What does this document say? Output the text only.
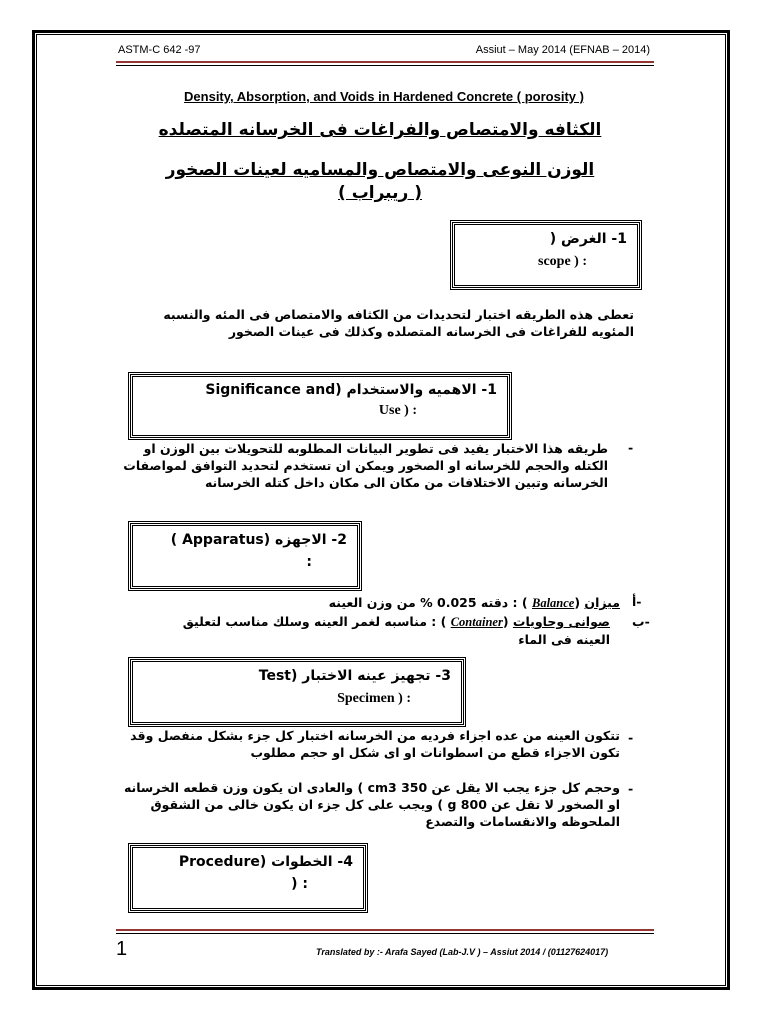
ASTM-C 642 -97	Assiut – May 2014 (EFNAB – 2014)
Density, Absorption, and Voids in Hardened Concrete ( porosity )
الكثافه والامتصاص والفراغات فى الخرسانه المتصلده
الوزن النوعى والامتصاص والمساميه لعينات الصخور
( ريبراب )
1- الغرض (
scope ) :
تعطى هذه الطريقه اختبار لتحديدات من الكثافه والامتصاص فى المئه والنسبه المئويه للفراغات فى الخرسانه المتصلده وكذلك فى عينات الصخور
1- الاهميه والاستخدام (Significance and
Use ) :
-
طريقه هذا الاختبار يفيد فى تطوير البيانات المطلوبه للتحويلات بين الوزن او الكتله والحجم للخرسانه او الصخور ويمكن ان تستخدم لتحديد التوافق لمواصفات الخرسانه وتبين الاختلافات من مكان الى مكان داخل كتله الخرسانه
2- الاجهزه (Apparatus )
:
أ-
ميزان (Balance ) : دقته 0.025 % من وزن العينه
ب-

صوانى وحاويات (Container ) : مناسبه لغمر العينه وسلك مناسب لتعليق

العينه فى الماء

3- تجهيز عينه الاختبار (Test
Specimen ) :
-
تتكون العينه من عده اجزاء فرديه من الخرسانه اختبار كل جزء بشكل منفصل وقد تكون الاجزاء قطع من اسطوانات او اى شكل او حجم مطلوب
-
وحجم كل جزء يجب الا يقل عن cm3 350 ) والعادى ان يكون وزن قطعه الخرسانه او الصخور لا تقل عن g 800 ) ويجب على كل جزء ان يكون خالى من الشقوق الملحوظه والانقسامات والتصدع
4- الخطوات (Procedure
) :
1	Translated by :- Arafa Sayed (Lab-J.V ) – Assiut 2014 / (01127624017)
